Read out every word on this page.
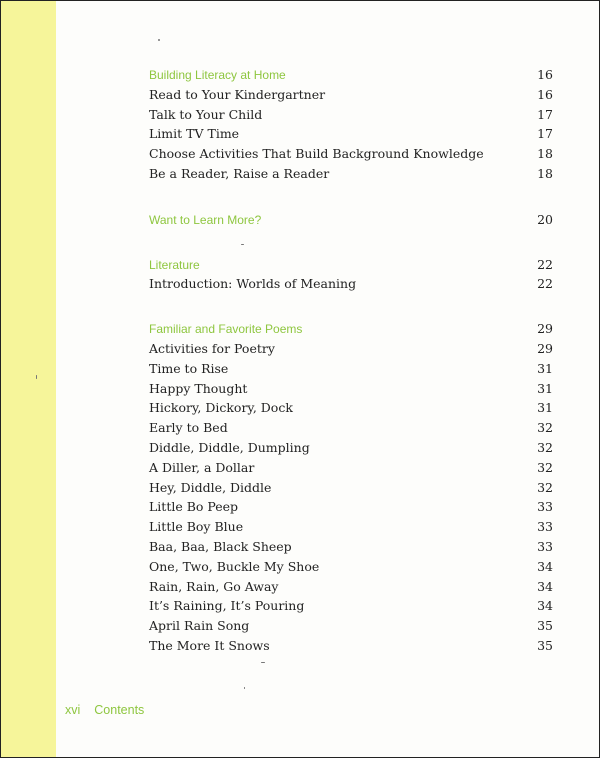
Building Literacy at Home	16
Read to Your Kindergartner	16
Talk to Your Child	17
Limit TV Time	17
Choose Activities That Build Background Knowledge	18
Be a Reader, Raise a Reader	18
Want to Learn More?	20
Literature	22
Introduction: Worlds of Meaning	22
Familiar and Favorite Poems	29
Activities for Poetry	29
Time to Rise	31
Happy Thought	31
Hickory, Dickory, Dock	31
Early to Bed	32
Diddle, Diddle, Dumpling	32
A Diller, a Dollar	32
Hey, Diddle, Diddle	32
Little Bo Peep	33
Little Boy Blue	33
Baa, Baa, Black Sheep	33
One, Two, Buckle My Shoe	34
Rain, Rain, Go Away	34
It’s Raining, It’s Pouring	34
April Rain Song	35
The More It Snows	35
xvi Contents
